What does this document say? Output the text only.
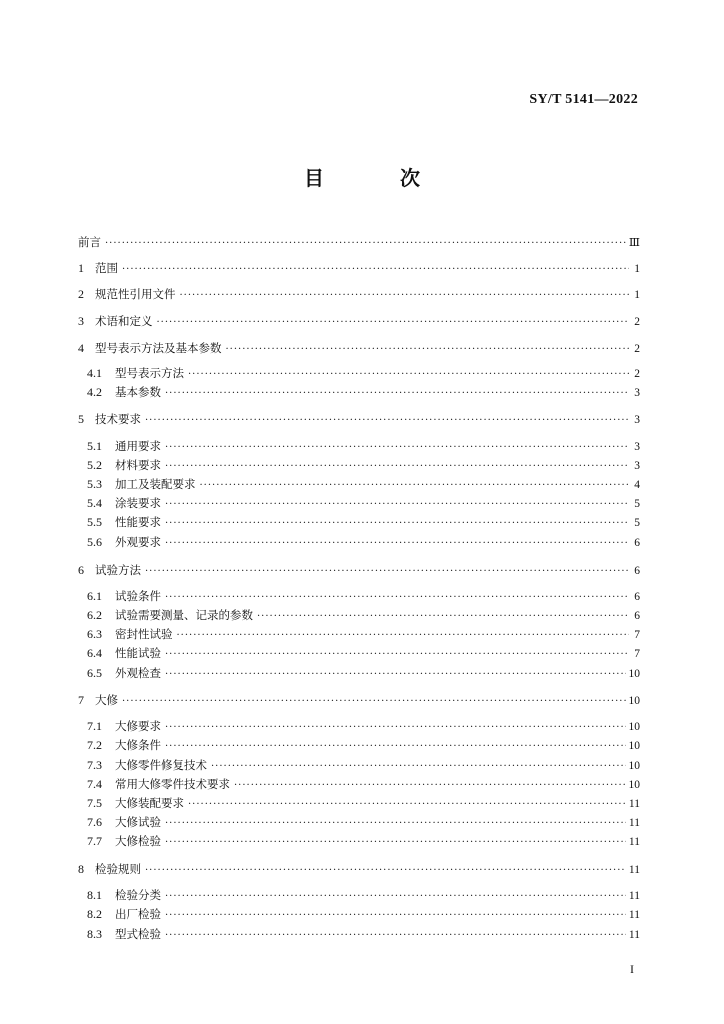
SY/T 5141—2022
目　次
前言 ·····	Ⅲ
1 范围 ·····	1
2 规范性引用文件 ·····	1
3 术语和定义 ·····	2
4 型号表示方法及基本参数 ·····	2
4.1	型号表示方法 ·····	2
4.2	基本参数 ·····	3
5 技术要求 ·····	3
5.1	通用要求 ·····	3
5.2	材料要求 ·····	3
5.3	加工及装配要求 ·····	4
5.4	涂装要求 ·····	5
5.5	性能要求 ·····	5
5.6	外观要求 ·····	6
6 试验方法 ·····	6
6.1	试验条件 ·····	6
6.2	试验需要测量、记录的参数 ·····	6
6.3	密封性试验 ·····	7
6.4	性能试验 ·····	7
6.5	外观检查 ·····	10
7 大修 ·····	10
7.1	大修要求 ·····	10
7.2	大修条件 ·····	10
7.3	大修零件修复技术 ·····	10
7.4	常用大修零件技术要求 ·····	10
7.5	大修装配要求 ·····	11
7.6	大修试验 ·····	11
7.7	大修检验 ·····	11
8 检验规则 ·····	11
8.1	检验分类 ·····	11
8.2	出厂检验 ·····	11
8.3	型式检验 ·····	11
I
